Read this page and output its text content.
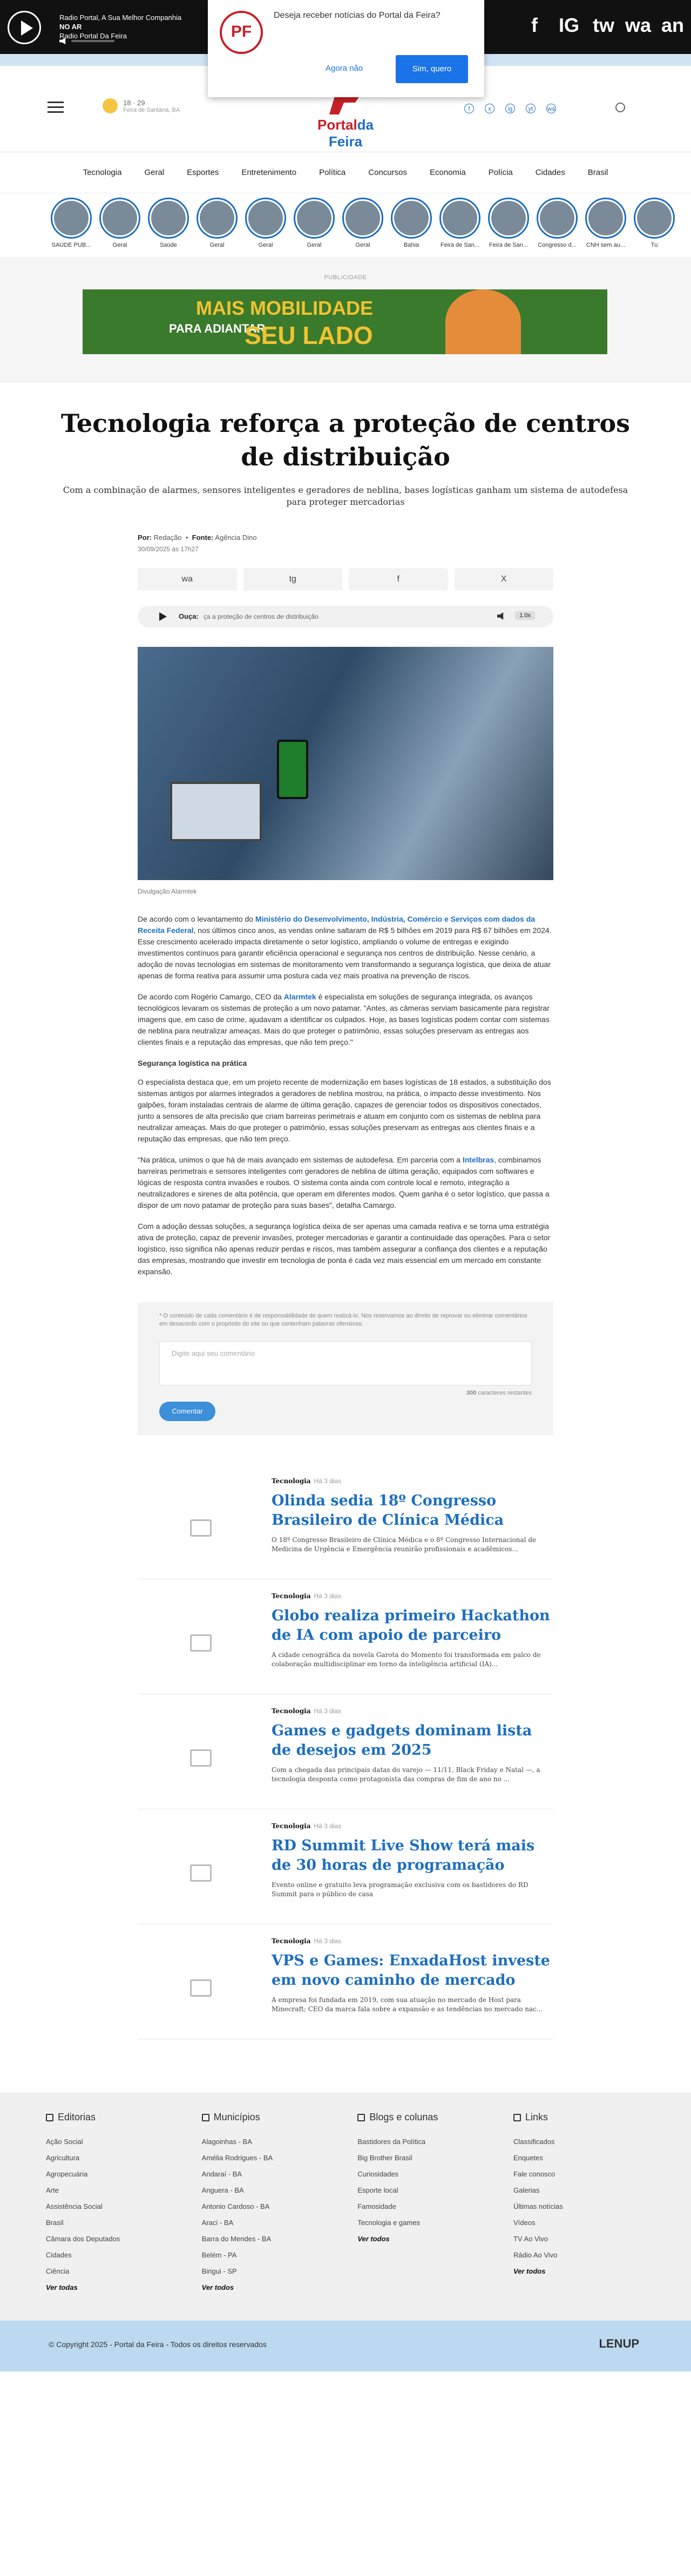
Radio Portal, A Sua Melhor Companhia
NO AR
Radio Portal Da Feira	f	IG tw wa an
PF
Deseja receber notícias do Portal da Feira?
Agora não	Sim, quero
18 · 29
Feira de Santana, BA
Portalda Feira
f	x	ig	yt	wa
Tecnologia	Geral	Esportes	Entretenimento	Política	Concursos	Economia	Polícia	Cidades	Brasil
SAÚDE PUB...	Geral	Saúde	Geral	Geral	Geral	Geral	Bahia	Feira de San... Feira de San... Congresso d... CNH sem au...	Tu
PUBLICIDADE
MAIS MOBILIDADE
PARA ADIANTAR
SEU LADO
Tecnologia reforça a proteção de centros de distribuição

Com a combinação de alarmes, sensores inteligentes e geradores de neblina, bases logísticas ganham um sistema de autodefesa para proteger mercadorias

Por: Redação  •  Fonte: Agência Dino
30/09/2025 às 17h27
wa	tg	f	X
Ouça: ça a proteção de centros de distribuição	1.0x
Divulgação Alarmtek

De acordo com o levantamento do Ministério do Desenvolvimento, Indústria, Comércio e Serviços com dados da Receita Federal, nos últimos cinco anos, as vendas online saltaram de R$ 5 bilhões em 2019 para R$ 67 bilhões em 2024. Esse crescimento acelerado impacta diretamente o setor logístico, ampliando o volume de entregas e exigindo investimentos contínuos para garantir eficiência operacional e segurança nos centros de distribuição. Nesse cenário, a adoção de novas tecnologias em sistemas de monitoramento vem transformando a segurança logística, que deixa de atuar apenas de forma reativa para assumir uma postura cada vez mais proativa na prevenção de riscos.

De acordo com Rogério Camargo, CEO da Alarmtek é especialista em soluções de segurança integrada, os avanços tecnológicos levaram os sistemas de proteção a um novo patamar. "Antes, as câmeras serviam basicamente para registrar imagens que, em caso de crime, ajudavam a identificar os culpados. Hoje, as bases logísticas podem contar com sistemas de neblina para neutralizar ameaças. Mais do que proteger o patrimônio, essas soluções preservam as entregas aos clientes finais e a reputação das empresas, que não tem preço."

Segurança logística na prática

O especialista destaca que, em um projeto recente de modernização em bases logísticas de 18 estados, a substituição dos sistemas antigos por alarmes integrados a geradores de neblina mostrou, na prática, o impacto desse investimento. Nos galpões, foram instaladas centrais de alarme de última geração, capazes de gerenciar todos os dispositivos conectados, junto a sensores de alta precisão que criam barreiras perimetrais e atuam em conjunto com os sistemas de neblina para neutralizar ameaças. Mais do que proteger o patrimônio, essas soluções preservam as entregas aos clientes finais e a reputação das empresas, que não tem preço.

"Na prática, unimos o que há de mais avançado em sistemas de autodefesa. Em parceria com a Intelbras, combinamos barreiras perimetrais e sensores inteligentes com geradores de neblina de última geração, equipados com softwares e lógicas de resposta contra invasões e roubos. O sistema conta ainda com controle local e remoto, integração a neutralizadores e sirenes de alta potência, que operam em diferentes modos. Quem ganha é o setor logístico, que passa a dispor de um novo patamar de proteção para suas bases", detalha Camargo.

Com a adoção dessas soluções, a segurança logística deixa de ser apenas uma camada reativa e se torna uma estratégia ativa de proteção, capaz de prevenir invasões, proteger mercadorias e garantir a continuidade das operações. Para o setor logístico, isso significa não apenas reduzir perdas e riscos, mas também assegurar a confiança dos clientes e a reputação das empresas, mostrando que investir em tecnologia de ponta é cada vez mais essencial em um mercado em constante expansão.

* O conteúdo de cada comentário é de responsabilidade de quem realizá-lo. Nos reservamos ao direito de reprovar ou eliminar comentários em desacordo com o propósito do site ou que contenham palavras ofensivas.
Digite aqui seu comentário
300 caracteres restantes
Comentar
Tecnologia Há 3 dias
Olinda sedia 18º Congresso Brasileiro de Clínica Médica

O 18º Congresso Brasileiro de Clínica Médica e o 8º Congresso Internacional de Medicina de Urgência e Emergência reunirão profissionais e acadêmicos...

Tecnologia Há 3 dias
Globo realiza primeiro Hackathon de IA com apoio de parceiro

A cidade cenográfica da novela Garota do Momento foi transformada em palco de colaboração multidisciplinar em torno da inteligência artificial (IA)...

Tecnologia Há 3 dias
Games e gadgets dominam lista de desejos em 2025

Com a chegada das principais datas do varejo — 11/11, Black Friday e Natal —, a tecnologia desponta como protagonista das compras de fim de ano no ...

Tecnologia Há 3 dias
RD Summit Live Show terá mais de 30 horas de programação

Evento online e gratuito leva programação exclusiva com os bastidores do RD Summit para o público de casa

Tecnologia Há 3 dias
VPS e Games: EnxadaHost investe em novo caminho de mercado

A empresa foi fundada em 2019, com sua atuação no mercado de Host para Minecraft; CEO da marca fala sobre a expansão e as tendências no mercado nac...

Editorias
Ação Social
Agricultura
Agropecuária
Arte
Assistência Social
Brasil
Câmara dos Deputados
Cidades
Ciência
Ver todas
Municípios
Alagoinhas - BA
Amélia Rodrigues - BA
Andaraí - BA
Anguera - BA
Antonio Cardoso - BA
Araci - BA
Barra do Mendes - BA
Belém - PA
Birigui - SP
Ver todos
Blogs e colunas
Bastidores da Política
Big Brother Brasil
Curiosidades
Esporte local
Famosidade
Tecnologia e games
Ver todos
Links
Classificados
Enquetes
Fale conosco
Galerias
Últimas notícias
Vídeos
TV Ao Vivo
Rádio Ao Vivo
Ver todos
© Copyright 2025 - Portal da Feira - Todos os direitos reservados	LENUP
